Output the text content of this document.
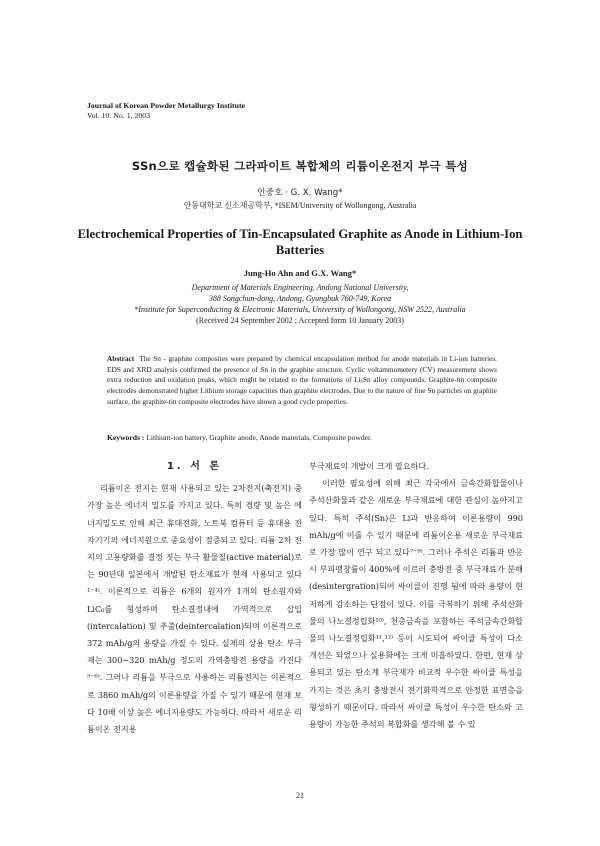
Journal of Korean Powder Metallurgy Institute
Vol. 10. No. 1, 2003
SSn으로 캡슐화된 그라파이트 복합체의 리튬이온전지 부극 특성
안중호 · G. X. Wang*
안동대학교 신소재공학부, *ISEM/University of Wollongong, Australia
Electrochemical Properties of Tin-Encapsulated Graphite as Anode in Lithium-Ion Batteries
Jung-Ho Ahn and G.X. Wang*
Department of Materials Engineering, Andong National University,
388 Songchun-dong, Andong, Gyungbuk 760-749, Korea
*Institute for Superconducting & Electronic Materials, University of Wollongong, NSW 2522, Australia
(Received 24 September 2002 ; Accepted form 10 January 2003)
Abstract The Sn - graphite composites were prepared by chemical encapsulation method for anode materials in Li-ion batteries. EDS and XRD analysis confirmed the presence of Sn in the graphite structure. Cyclic voltammometery (CV) measurement shows extra reduction and oxidation peaks, which might be related to the formations of LiₓSn alloy compounds. Graphite-tin composite electrodes demonstrated higher Lithium storage capacities than graphite electrodes. Due to the nature of fine Sn particles on graphite surface, the graphite-tin composite electrodes have shown a good cycle properties.
Keywords : Lithium-ion battery, Graphite anode, Anode materials, Composite powder.
1. 서 론

리튬이온 전지는 현재 사용되고 있는 2차전지(축전지) 중 가장 높은 에너지 밀도를 가지고 있다. 특히 경량 및 높은 에너지밀도로 인해 최근 휴대전화, 노트북 컴퓨터 등 휴대용 전자기기의 에너지원으로 중요성이 점증되고 있다. 리튬 2차 전지의 고용량화를 결정 짓는 부극 활물질(active material)로는 90년대 일본에서 개발된 탄소재료가 현재 사용되고 있다¹⁻⁴⁾. 이론적으로 리튬은 6개의 원자가 1개의 탄소원자와 LiC₆를 형성하며 탄소결정내에 가역적으로 삽입(intercalation) 및 추출(deintercalation)되며 이론적으로 372 mAh/g의 용량을 가질 수 있다. 실제의 상용 탄소 부극재는 300~320 mAh/g 정도의 가역충방전 용량을 가진다⁵⁻⁶⁾. 그러나 리튬을 부극으로 사용하는 리튬전지는 이론적으로 3860 mAh/g의 이론용량을 가질 수 있기 때문에 현재 보다 10배 이상 높은 에너지용량도 가능하다. 따라서 새로운 리튬이온 전지용

부극재료의 개발이 크게 필요하다.

이러한 필요성에 의해 최근 각국에서 금속간화합물이나 주석산화물과 같은 새로운 부극재료에 대한 관심이 높아지고 있다. 특히 주석(Sn)은 Li과 반응하여 이론용량이 990 mAh/g에 이를 수 있기 때문에 리튬이온용 새로운 부극재료로 가장 많이 연구 되고 있다⁷⁻⁹⁾. 그러나 주석은 리튬과 반응시 부피팽창률이 400%에 이르러 충방전 중 부극재료가 분해(desintergration)되어 싸이클이 진행 됨에 따라 용량이 현저하게 감소하는 단점이 있다. 이를 극복하기 위해 주석산화물의 나노결정립화¹⁰⁾, 천층금속을 포함하는 주석금속간화합물의 나노결정립화¹¹,¹²⁾ 등이 시도되어 싸이클 특성이 다소 개선은 되었으나 실용화에는 크게 미흡하였다. 한편, 현재 상용되고 있는 탄소계 부극재가 비교적 우수한 싸이클 특성을 가지는 것은 초기 충방전시 전기화학적으로 안정한 표면층을 형성하기 때문이다. 따라서 싸이클 특성이 우수한 탄소와 고용량이 가능한 주석의 복합화를 생각해 볼 수 있

21
